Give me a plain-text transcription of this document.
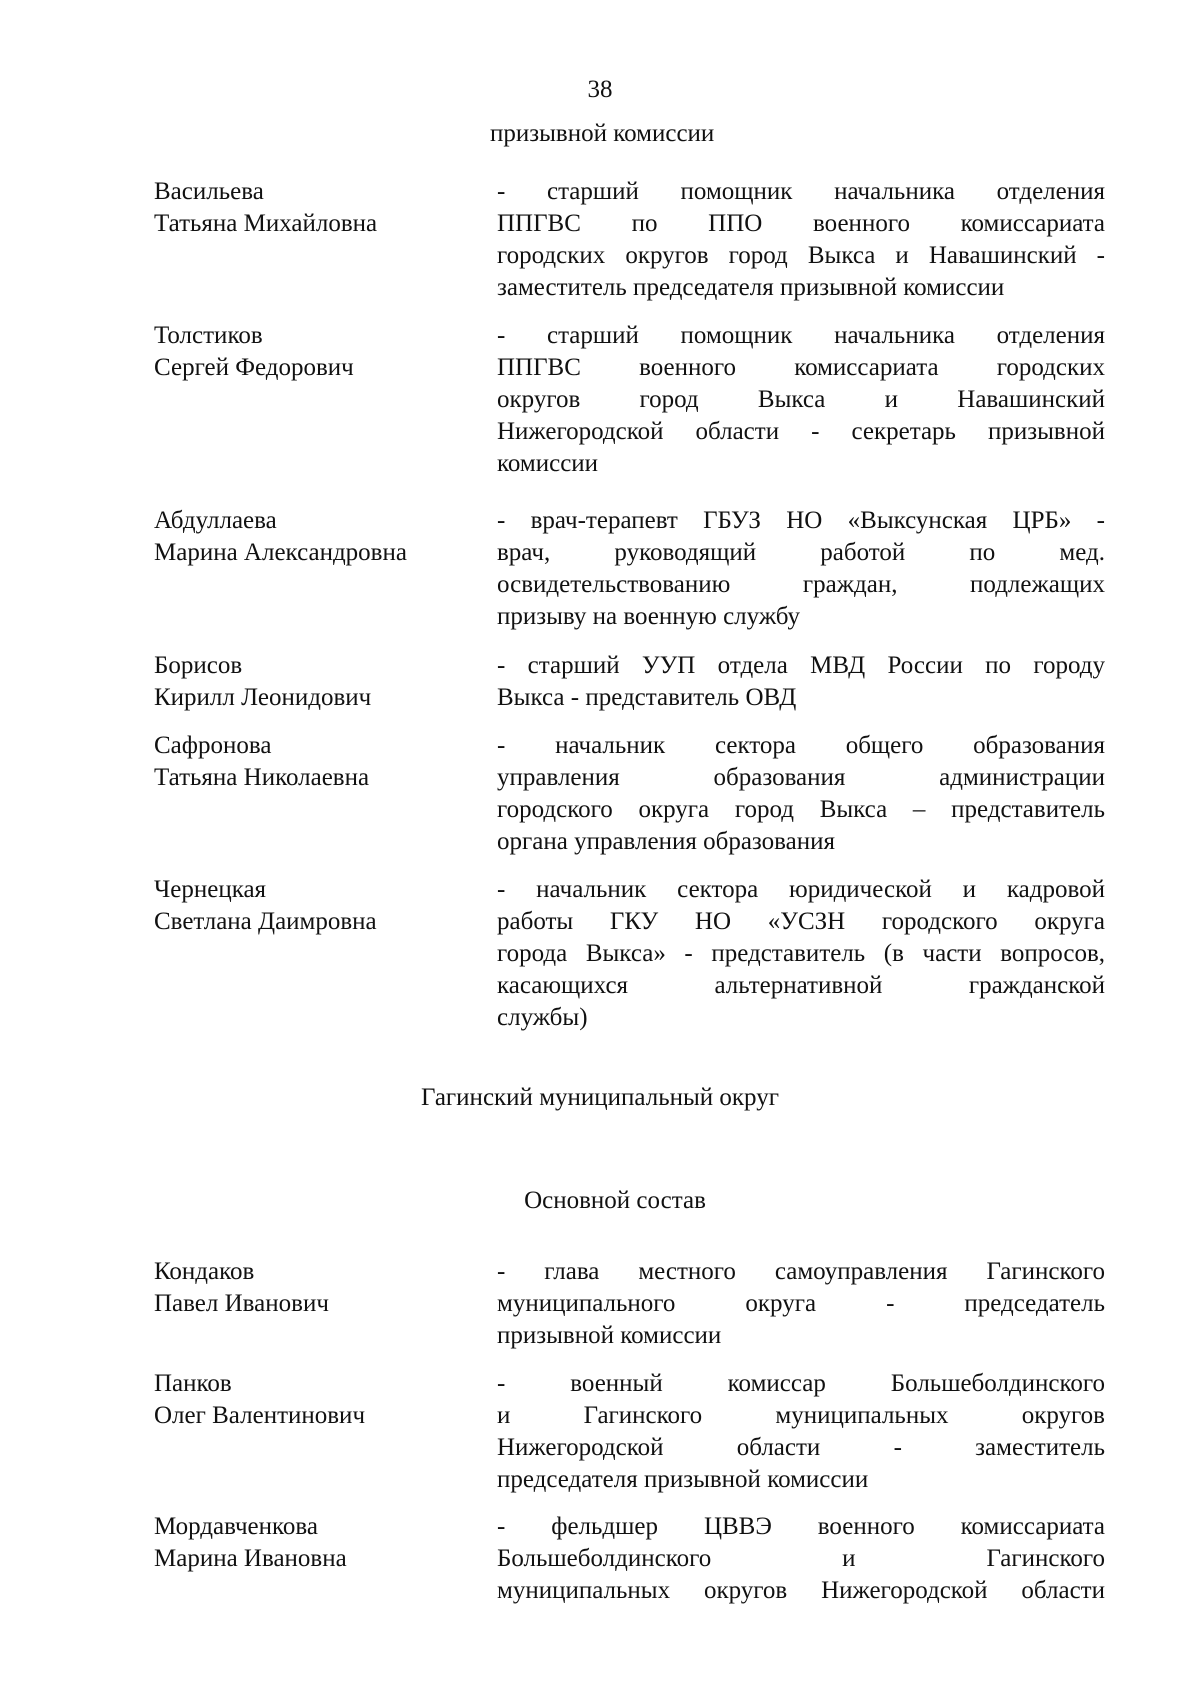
38
призывной комиссии
Васильева
Татьяна Михайловна
- старший помощник начальника отделения
ППГВС по ППО военного комиссариата
городских округов город Выкса и Навашинский -
заместитель председателя призывной комиссии
Толстиков
Сергей Федорович
- старший помощник начальника отделения
ППГВС военного комиссариата городских
округов город Выкса и Навашинский
Нижегородской области - секретарь призывной
комиссии
Абдуллаева
Марина Александровна
- врач-терапевт ГБУЗ НО «Выксунская ЦРБ» -
врач, руководящий работой по мед.
освидетельствованию граждан, подлежащих
призыву на военную службу
Борисов
Кирилл Леонидович
- старший УУП отдела МВД России по городу
Выкса - представитель ОВД
Сафронова
Татьяна Николаевна
- начальник сектора общего образования
управления образования администрации
городского округа город Выкса – представитель
органа управления образования
Чернецкая
Светлана Даимровна
- начальник сектора юридической и кадровой
работы ГКУ НО «УСЗН городского округа
города Выкса» - представитель (в части вопросов,
касающихся альтернативной гражданской
службы)
Гагинский муниципальный округ
Основной состав
Кондаков
Павел Иванович
- глава местного самоуправления Гагинского
муниципального округа - председатель
призывной комиссии
Панков
Олег Валентинович
- военный комиссар Большеболдинского
и Гагинского муниципальных округов
Нижегородской области - заместитель
председателя призывной комиссии
Мордавченкова
Марина Ивановна
- фельдшер ЦВВЭ военного комиссариата
Большеболдинского и Гагинского
муниципальных округов Нижегородской области
